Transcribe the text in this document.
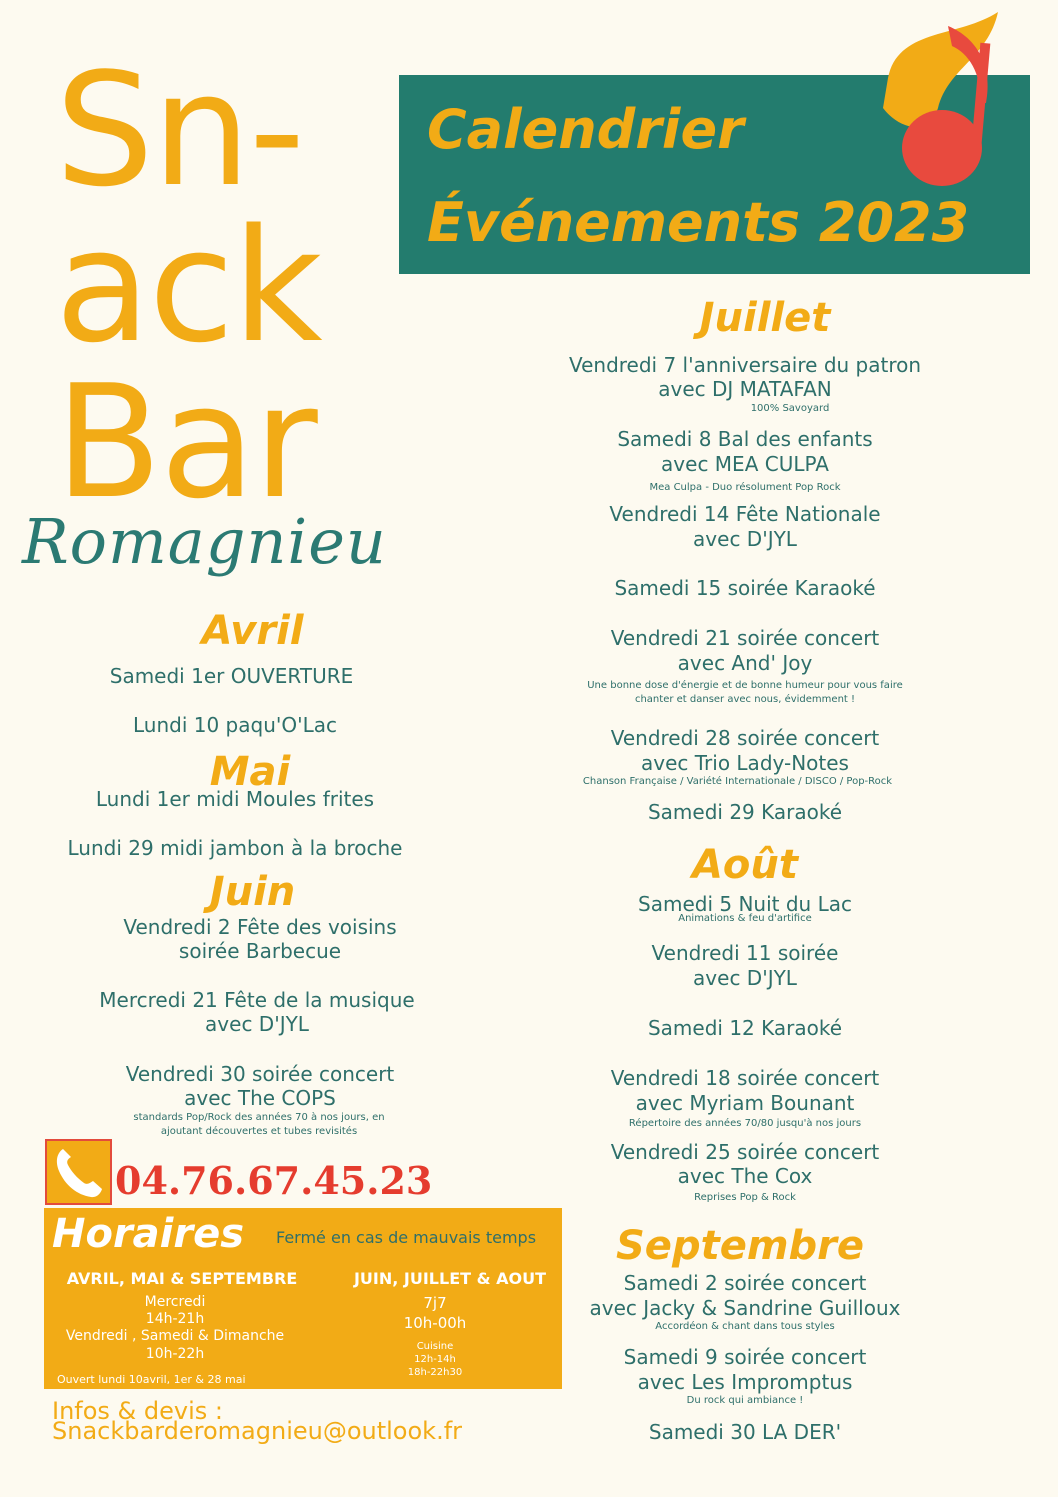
Sn-
ack
Bar
Romagnieu
Calendrier
Événements 2023
Avril
Samedi 1er OUVERTURE
Lundi 10 paqu'O'Lac
Mai
Lundi 1er midi Moules frites
Lundi 29 midi jambon à la broche
Juin
Vendredi 2 Fête des voisins
soirée Barbecue
Mercredi 21 Fête de la musique
avec D'JYL
Vendredi 30 soirée concert
avec The COPS
standards Pop/Rock des années 70 à nos jours, en
ajoutant découvertes et tubes revisités
Juillet
Vendredi 7 l'anniversaire du patron
avec DJ MATAFAN
100% Savoyard
Samedi 8 Bal des enfants
avec MEA CULPA
Mea Culpa - Duo résolument Pop Rock
Vendredi 14 Fête Nationale
avec D'JYL
Samedi 15 soirée Karaoké
Vendredi 21 soirée concert
avec And' Joy
Une bonne dose d'énergie et de bonne humeur pour vous faire
chanter et danser avec nous, évidemment !
Vendredi 28 soirée concert
avec Trio Lady-Notes
Chanson Française / Variété Internationale / DISCO / Pop-Rock
Samedi 29 Karaoké
Août
Samedi 5 Nuit du Lac
Animations & feu d'artifice
Vendredi 11 soirée
avec D'JYL
Samedi 12 Karaoké
Vendredi 18 soirée concert
avec Myriam Bounant
Répertoire des années 70/80 jusqu'à nos jours
Vendredi 25 soirée concert
avec The Cox
Reprises Pop & Rock
Septembre
Samedi 2 soirée concert
avec Jacky & Sandrine Guilloux
Accordéon & chant dans tous styles
Samedi 9 soirée concert
avec Les Impromptus
Du rock qui ambiance !
Samedi 30 LA DER'
04.76.67.45.23
Horaires Fermé en cas de mauvais temps
AVRIL, MAI & SEPTEMBRE
Mercredi
14h-21h
Vendredi , Samedi & Dimanche
10h-22h
Ouvert lundi 10avril, 1er & 28 mai
JUIN, JUILLET & AOUT
7j7
10h-00h
Cuisine
12h-14h
18h-22h30
Infos & devis :
Snackbarderomagnieu@outlook.fr
